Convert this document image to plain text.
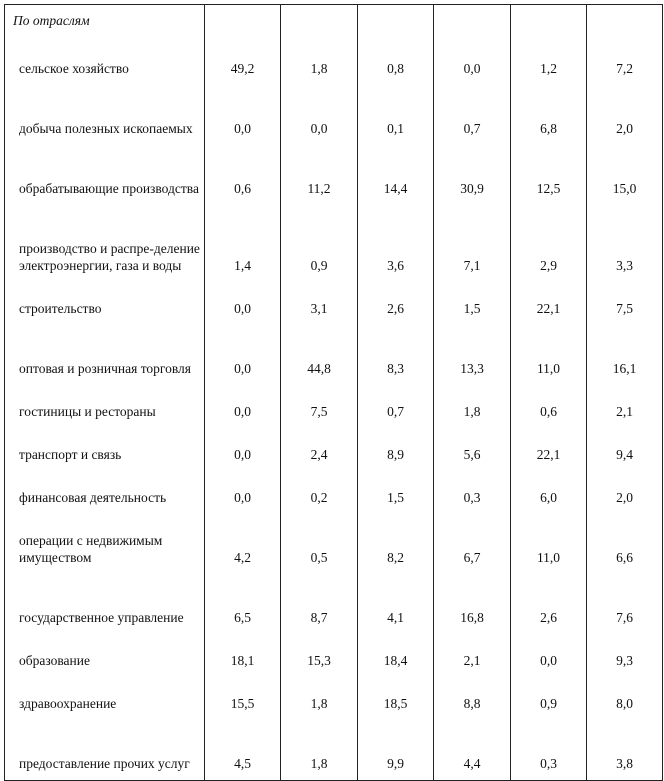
По отраслям						
сельское хозяйство	49,2	1,8	0,8	0,0	1,2	7,2
добыча полезных ископаемых	0,0	0,0	0,1	0,7	6,8	2,0
обрабатывающие производства	0,6	11,2	14,4	30,9	12,5	15,0
производство и распре-деление электроэнергии, газа и воды	1,4	0,9	3,6	7,1	2,9	3,3
строительство	0,0	3,1	2,6	1,5	22,1	7,5
оптовая и розничная торговля	0,0	44,8	8,3	13,3	11,0	16,1
гостиницы и рестораны	0,0	7,5	0,7	1,8	0,6	2,1
транспорт и связь	0,0	2,4	8,9	5,6	22,1	9,4
финансовая деятельность	0,0	0,2	1,5	0,3	6,0	2,0
операции с недвижимым имуществом	4,2	0,5	8,2	6,7	11,0	6,6
государственное управление	6,5	8,7	4,1	16,8	2,6	7,6
образование	18,1	15,3	18,4	2,1	0,0	9,3
здравоохранение	15,5	1,8	18,5	8,8	0,9	8,0
предоставление прочих услуг	4,5	1,8	9,9	4,4	0,3	3,8
